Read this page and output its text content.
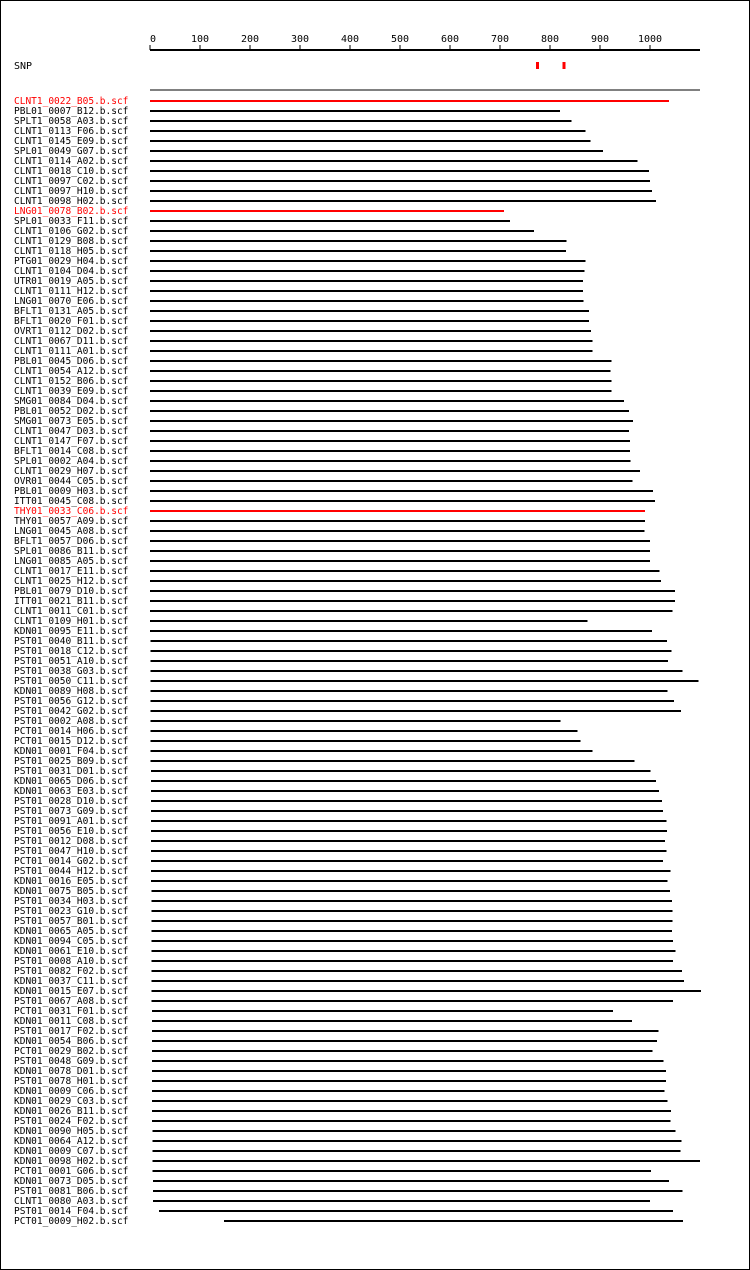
0	100	200	300	400	500	600	700	800	900	1000
SNP
CLNT1_0022_B05.b.scf
PBL01_0007_B12.b.scf
SPLT1_0058_A03.b.scf
CLNT1_0113_F06.b.scf
CLNT1_0145_E09.b.scf
SPL01_0049_G07.b.scf
CLNT1_0114_A02.b.scf
CLNT1_0018_C10.b.scf
CLNT1_0097_C02.b.scf
CLNT1_0097_H10.b.scf
CLNT1_0098_H02.b.scf
LNG01_0078_B02.b.scf
SPL01_0033_F11.b.scf
CLNT1_0106_G02.b.scf
CLNT1_0129_B08.b.scf
CLNT1_0118_H05.b.scf
PTG01_0029_H04.b.scf
CLNT1_0104_D04.b.scf
UTR01_0019_A05.b.scf
CLNT1_0111_H12.b.scf
LNG01_0070_E06.b.scf
BFLT1_0131_A05.b.scf
BFLT1_0020_F01.b.scf
OVRT1_0112_D02.b.scf
CLNT1_0067_D11.b.scf
CLNT1_0111_A01.b.scf
PBL01_0045_D06.b.scf
CLNT1_0054_A12.b.scf
CLNT1_0152_B06.b.scf
CLNT1_0039_E09.b.scf
SMG01_0084_D04.b.scf
PBL01_0052_D02.b.scf
SMG01_0073_E05.b.scf
CLNT1_0047_D03.b.scf
CLNT1_0147_F07.b.scf
BFLT1_0014_C08.b.scf
SPL01_0002_A04.b.scf
CLNT1_0029_H07.b.scf
OVR01_0044_C05.b.scf
PBL01_0009_H03.b.scf
ITT01_0045_C08.b.scf
THY01_0033_C06.b.scf
THY01_0057_A09.b.scf
LNG01_0045_A08.b.scf
BFLT1_0057_D06.b.scf
SPL01_0086_B11.b.scf
LNG01_0085_A05.b.scf
CLNT1_0017_E11.b.scf
CLNT1_0025_H12.b.scf
PBL01_0079_D10.b.scf
ITT01_0021_B11.b.scf
CLNT1_0011_C01.b.scf
CLNT1_0109_H01.b.scf
KDN01_0095_E11.b.scf
PST01_0040_B11.b.scf
PST01_0018_C12.b.scf
PST01_0051_A10.b.scf
PST01_0038_G03.b.scf
PST01_0050_C11.b.scf
KDN01_0089_H08.b.scf
PST01_0056_G12.b.scf
PST01_0042_G02.b.scf
PST01_0002_A08.b.scf
PCT01_0014_H06.b.scf
PCT01_0015_D12.b.scf
KDN01_0001_F04.b.scf
PST01_0025_B09.b.scf
PST01_0031_D01.b.scf
KDN01_0065_D06.b.scf
KDN01_0063_E03.b.scf
PST01_0028_D10.b.scf
PST01_0073_G09.b.scf
PST01_0091_A01.b.scf
PST01_0056_E10.b.scf
PST01_0012_D08.b.scf
PST01_0047_H10.b.scf
PCT01_0014_G02.b.scf
PST01_0044_H12.b.scf
KDN01_0016_E05.b.scf
KDN01_0075_B05.b.scf
PST01_0034_H03.b.scf
PST01_0023_G10.b.scf
PST01_0057_B01.b.scf
KDN01_0065_A05.b.scf
KDN01_0094_C05.b.scf
KDN01_0061_E10.b.scf
PST01_0008_A10.b.scf
PST01_0082_F02.b.scf
KDN01_0037_C11.b.scf
KDN01_0015_E07.b.scf
PST01_0067_A08.b.scf
PCT01_0031_F01.b.scf
KDN01_0011_C08.b.scf
PST01_0017_F02.b.scf
KDN01_0054_B06.b.scf
PCT01_0029_B02.b.scf
PST01_0048_G09.b.scf
KDN01_0078_D01.b.scf
PST01_0078_H01.b.scf
KDN01_0009_C06.b.scf
KDN01_0029_C03.b.scf
KDN01_0026_B11.b.scf
PST01_0024_F02.b.scf
KDN01_0090_H05.b.scf
KDN01_0064_A12.b.scf
KDN01_0009_C07.b.scf
KDN01_0098_H02.b.scf
PCT01_0001_G06.b.scf
KDN01_0073_D05.b.scf
PST01_0081_B06.b.scf
CLNT1_0080_A03.b.scf
PST01_0014_F04.b.scf
PCT01_0009_H02.b.scf
